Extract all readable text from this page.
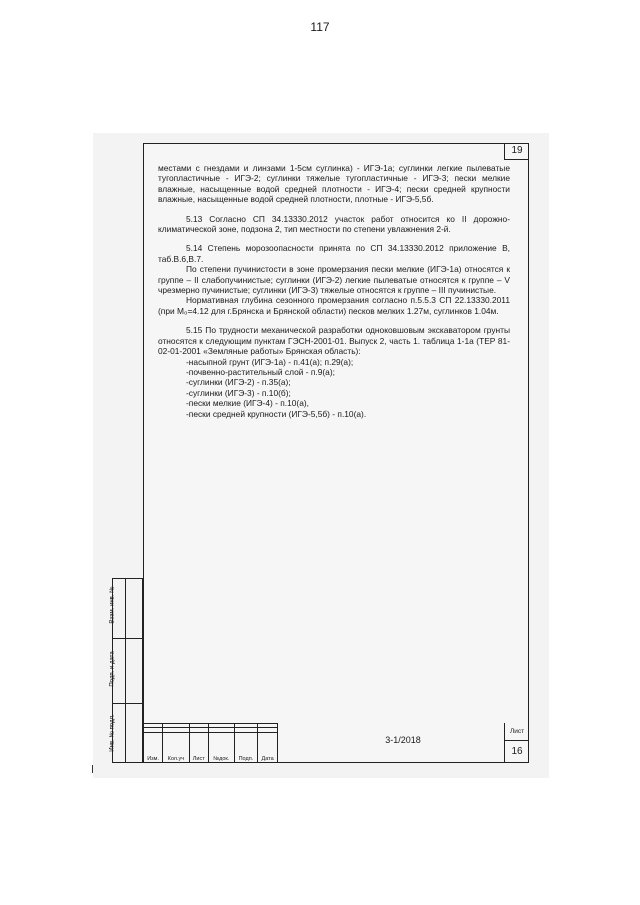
117
19

местами с гнездами и линзами 1-5см суглинка) - ИГЭ-1а; суглинки легкие пылеватые тугопластичные - ИГЭ-2; суглинки тяжелые тугопластичные - ИГЭ-3; пески мелкие влажные, насыщенные водой средней плотности - ИГЭ-4; пески средней крупности влажные, насыщенные водой средней плотности, плотные - ИГЭ-5,5б.

5.13 Согласно СП 34.13330.2012 участок работ относится ко II дорожно-климатической зоне, подзона 2, тип местности по степени увлажнения 2-й.

5.14 Степень морозоопасности принята по СП 34.13330.2012 приложение В, таб.В.6,В.7.

По степени пучинистости в зоне промерзания пески мелкие (ИГЭ-1а) относятся к группе – II слабопучинистые; суглинки (ИГЭ-2) легкие пылеватые относятся к группе – V чрезмерно пучинистые; суглинки (ИГЭ-3) тяжелые относятся к группе – III пучинистые.

Нормативная глубина сезонного промерзания согласно п.5.5.3 СП 22.13330.2011 (при M₀=4.12 для г.Брянска и Брянской области) песков мелких 1.27м, суглинков 1.04м.

5.15 По трудности механической разработки одноковшовым экскаватором грунты относятся к следующим пунктам ГЭСН-2001-01. Выпуск 2, часть 1. таблица 1-1а (ТЕР 81-02-01-2001 «Земляные работы» Брянская область):

-насыпной грунт (ИГЭ-1а) - п.41(а); п.29(а);

-почвенно-растительный слой - п.9(а);

-суглинки (ИГЭ-2) - п.35(а);

-суглинки (ИГЭ-3) - п.10(б);

-пески мелкие (ИГЭ-4) - п.10(а),

-пески средней крупности (ИГЭ-5,5б) - п.10(а).

Взам. инв. №
Подп. и дата
Инв. № подл.

Изм.	Кол.уч	Лист	№док.	Подп.	Дата
3-1/2018
Лист
16
